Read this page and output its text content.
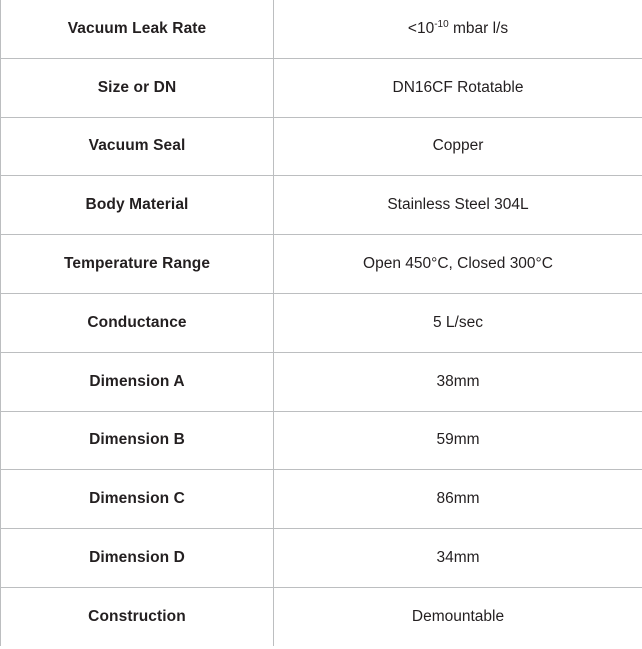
Vacuum Leak Rate	$<10^{-10}$ mbar l/s

Size or DN	DN16CF Rotatable

Vacuum Seal	Copper

Body Material	Stainless Steel 304L

Temperature Range	Open 450°C, Closed 300°C

Conductance	5 L/sec

Dimension A	38mm

Dimension B	59mm

Dimension C	86mm

Dimension D	34mm

Construction	Demountable
